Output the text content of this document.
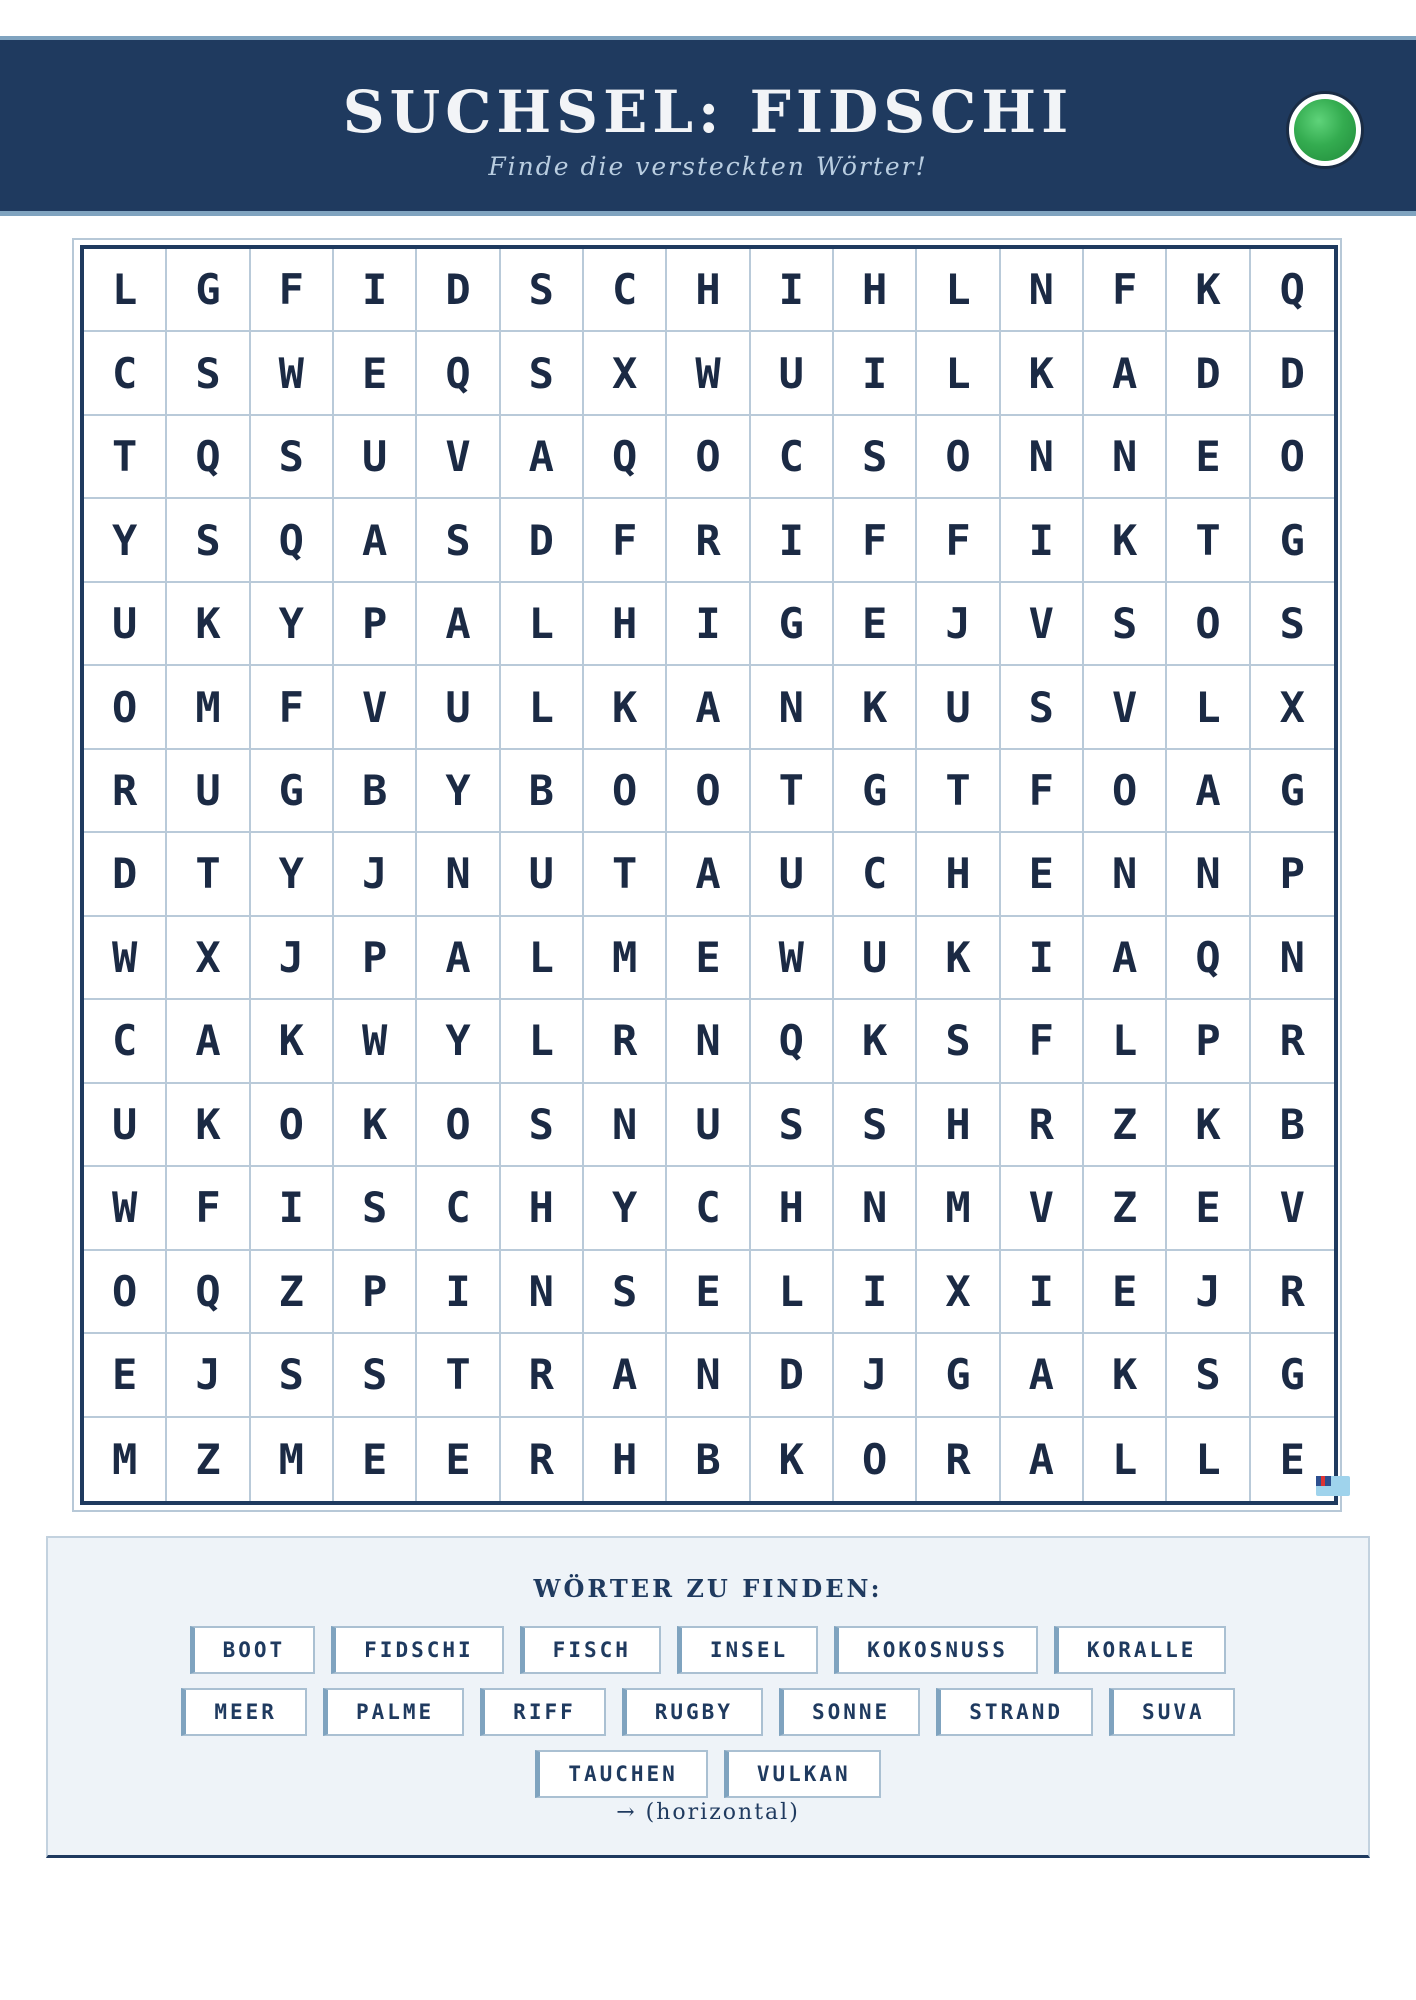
SUCHSEL: FIDSCHI
Finde die versteckten Wörter!
L	G	F	I	D	S	C	H	I	H	L	N	F	K	Q
C	S	W	E	Q	S	X	W	U	I	L	K	A	D	D
T	Q	S	U	V	A	Q	O	C	S	O	N	N	E	O
Y	S	Q	A	S	D	F	R	I	F	F	I	K	T	G
U	K	Y	P	A	L	H	I	G	E	J	V	S	O	S
O	M	F	V	U	L	K	A	N	K	U	S	V	L	X
R	U	G	B	Y	B	O	O	T	G	T	F	O	A	G
D	T	Y	J	N	U	T	A	U	C	H	E	N	N	P
W	X	J	P	A	L	M	E	W	U	K	I	A	Q	N
C	A	K	W	Y	L	R	N	Q	K	S	F	L	P	R
U	K	O	K	O	S	N	U	S	S	H	R	Z	K	B
W	F	I	S	C	H	Y	C	H	N	M	V	Z	E	V
O	Q	Z	P	I	N	S	E	L	I	X	I	E	J	R
E	J	S	S	T	R	A	N	D	J	G	A	K	S	G
M	Z	M	E	E	R	H	B	K	O	R	A	L	L	E
WÖRTER ZU FINDEN:
BOOT	FIDSCHI	FISCH	INSEL	KOKOSNUSS	KORALLE
MEER	PALME	RIFF	RUGBY	SONNE	STRAND	SUVA
TAUCHEN	VULKAN
→ (horizontal)
